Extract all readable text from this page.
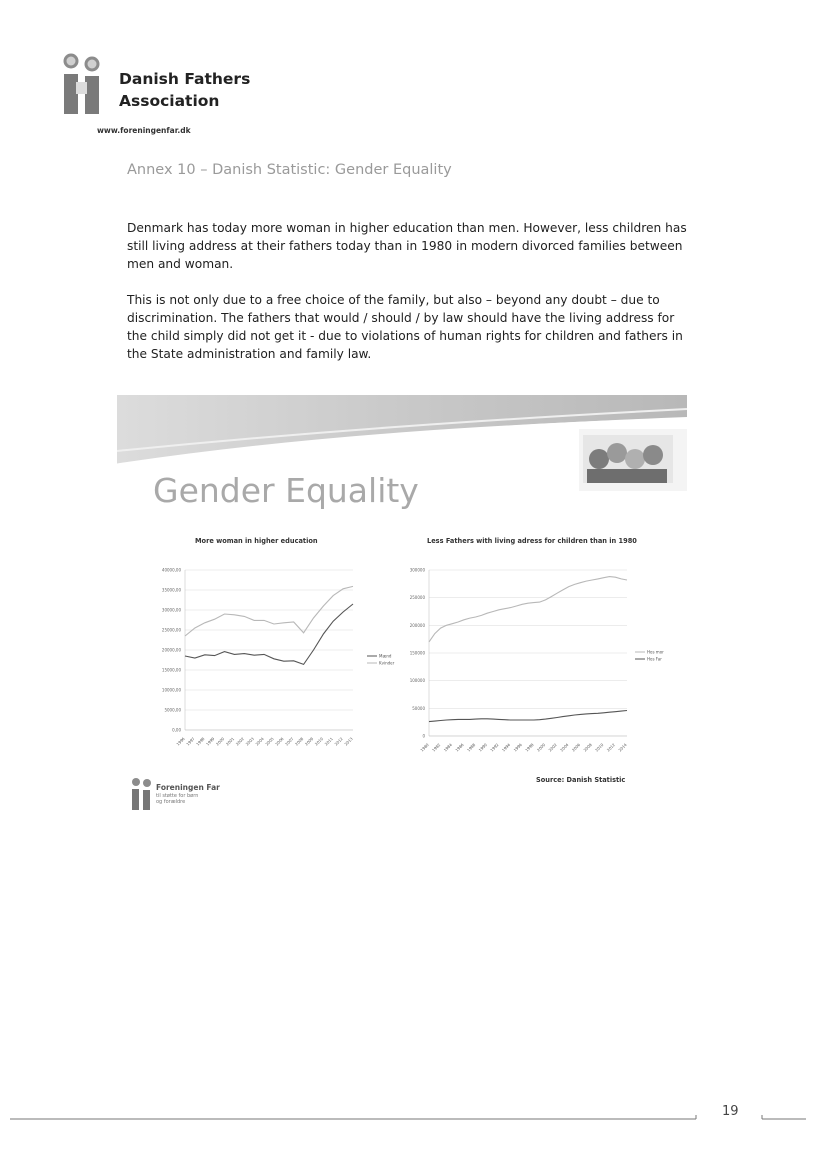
Danish Fathers
Association
www.foreningenfar.dk
Annex 10 – Danish Statistic: Gender Equality
Denmark has today more woman in higher education than men. However, less children has still living address at their fathers today than in 1980 in modern divorced families between men and woman.
This is not only due to a free choice of the family, but also – beyond any doubt – due to discrimination. The fathers that would / should / by law should have the living address for the child simply did not get it - due to violations of human rights for children and fathers in the State administration and family law.
Gender Equality
More woman in higher education	Less Fathers with living adress for children than in 1980
0,00
5000,00
10000,00
15000,00
20000,00
25000,00
30000,00
35000,00
40000,00
1996 1997 1998 1999 2000 2001 2002 2003 2004 2005 2006 2007 2008 2009 2010 2011 2012 2013
Mænd
Kvinder
0
50000
100000
150000
200000
250000
300000
1980 1982 1984 1986 1988 1990 1992 1994 1996 1998 2000 2002 2004 2006 2008 2010 2012 2014
Hos mor
Hos Far
Foreningen Far
til støtte for børn
og forældre
Source: Danish Statistic
19
